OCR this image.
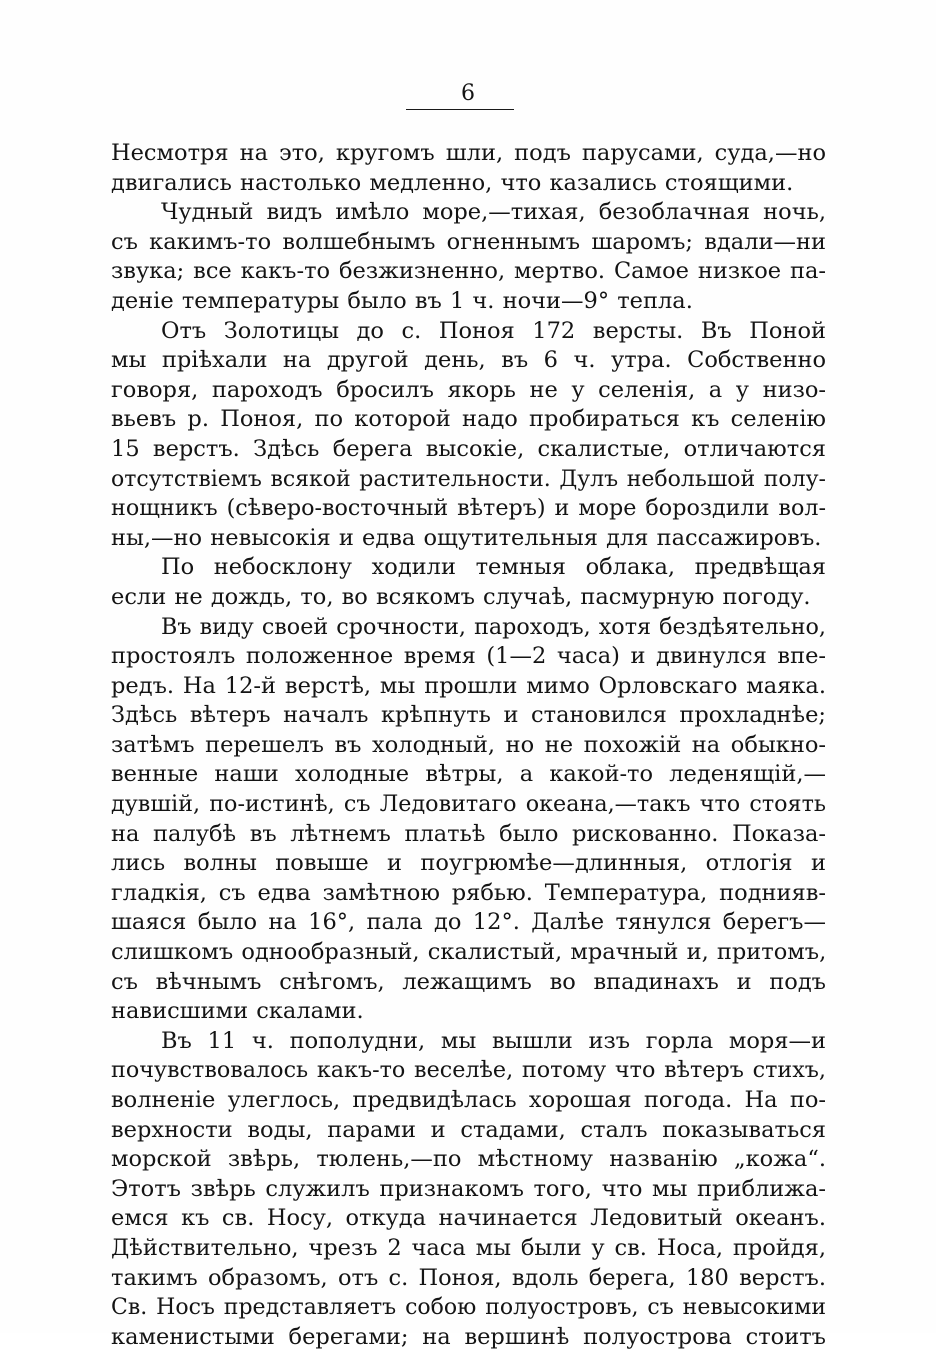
6
Несмотря на это, кругомъ шли, подъ парусами, суда,—но
двигались настолько медленно, что казались стоящими.
Чудный видъ имѣло море,—тихая, безоблачная ночь,
съ какимъ-то волшебнымъ огненнымъ шаромъ; вдали—ни
звука; все какъ-то безжизненно, мертво. Самое низкое па-
деніе температуры было въ 1 ч. ночи—9° тепла.
Отъ Золотицы до с. Поноя 172 версты. Въ Поной
мы пріѣхали на другой день, въ 6 ч. утра. Собственно
говоря, пароходъ бросилъ якорь не у селенія, а у низо-
вьевъ р. Поноя, по которой надо пробираться къ селенію
15 верстъ. Здѣсь берега высокіе, скалистые, отличаются
отсутствіемъ всякой растительности. Дулъ небольшой полу-
нощникъ (сѣверо-восточный вѣтеръ) и море бороздили вол-
ны,—но невысокія и едва ощутительныя для пассажировъ.
По небосклону ходили темныя облака, предвѣщая
если не дождь, то, во всякомъ случаѣ, пасмурную погоду.
Въ виду своей срочности, пароходъ, хотя бездѣятельно,
простоялъ положенное время (1—2 часа) и двинулся впе-
редъ. На 12-й верстѣ, мы прошли мимо Орловскаго маяка.
Здѣсь вѣтеръ началъ крѣпнуть и становился прохладнѣе;
затѣмъ перешелъ въ холодный, но не похожій на обыкно-
венные наши холодные вѣтры, а какой-то леденящій,—
дувшій, по-истинѣ, съ Ледовитаго океана,—такъ что стоять
на палубѣ въ лѣтнемъ платьѣ было рискованно. Показа-
лись волны повыше и поугрюмѣе—длинныя, отлогія и
гладкія, съ едва замѣтною рябью. Температура, поднияв-
шаяся было на 16°, пала до 12°. Далѣе тянулся берегъ—
слишкомъ однообразный, скалистый, мрачный и, притомъ,
съ вѣчнымъ снѣгомъ, лежащимъ во впадинахъ и подъ
нависшими скалами.
Въ 11 ч. пополудни, мы вышли изъ горла моря—и
почувствовалось какъ-то веселѣе, потому что вѣтеръ стихъ,
волненіе улеглось, предвидѣлась хорошая погода. На по-
верхности воды, парами и стадами, сталъ показываться
морской звѣрь, тюлень,—по мѣстному названію „кожа“.
Этотъ звѣрь служилъ признакомъ того, что мы приближа-
емся къ св. Носу, откуда начинается Ледовитый океанъ.
Дѣйствительно, чрезъ 2 часа мы были у св. Носа, пройдя,
такимъ образомъ, отъ с. Поноя, вдоль берега, 180 верстъ.
Св. Носъ представляетъ собою полуостровъ, съ невысокими
каменистыми берегами; на вершинѣ полуострова стоитъ
